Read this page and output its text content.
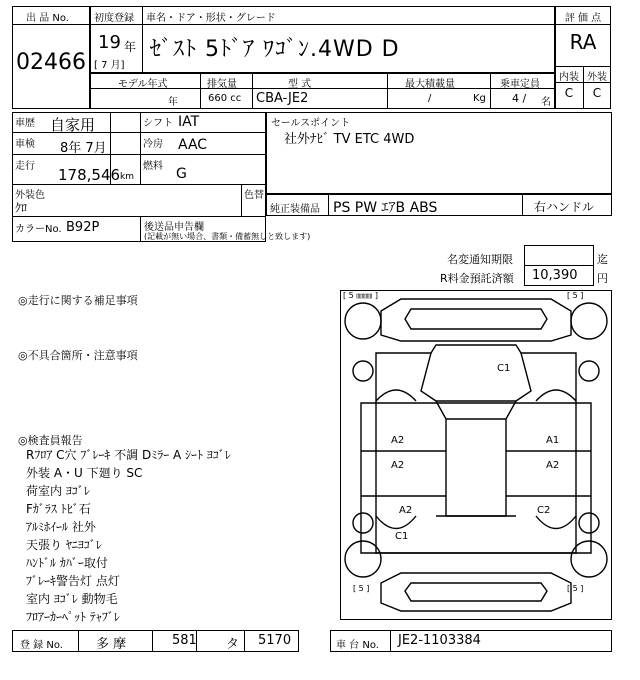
出 品 No.
02466
初度登録 車名・ドア・形状・グレード
19 年
[ 7 月]
ｾﾞｽﾄ 5ﾄﾞｱ ﾜｺﾞﾝ.4WD D
評 価 点
RA
内装 外装
C	C
モデル年式	排気量	型 式	最大積載量	乗車定員
年	660 cc CBA-JE2	/	Kg 4 / 名
車歴 自家用
車検 8年 7月
走行 178,546 km
シフト IAT
冷房 AAC
燃料 G
外装色
ｸﾛ
色替
カラーNo. B92P	後送品申告欄
(記載が無い場合、書類・備蓄無しと致します)
セールスポイント
社外ﾅﾋﾞ TV ETC 4WD
純正装備品 PS PW ｴｱB ABS	右ハンドル
名変通知期限	迄
R料金預託済額 10,390 円
◎走行に関する補足事項
◎不具合箇所・注意事項
◎検査員報告
Rﾌﾛｱ C穴 ﾌﾞﾚｰｷ 不調 Dﾐﾗｰ A ｼｰﾄ ﾖｺﾞﾚ
外装 A・U 下廻り SC
荷室内 ﾖｺﾞﾚ
Fｶﾞﾗｽ ﾄﾋﾞ石
ｱﾙﾐﾎｲｰﾙ 社外
天張り ﾔﾆﾖｺﾞﾚ
ﾊﾝﾄﾞﾙ ｶﾊﾞｰ取付
ﾌﾞﾚｰｷ警告灯 点灯
室内 ﾖｺﾞﾚ 動物毛
ﾌﾛｱｰｶｰﾍﾟｯﾄ ﾃｬﾌﾞﾚ
[ 5 ㎜㎜ ]	[ 5 ]
[ 5 ]	[ 5 ]
C1
A2
A2
A1
A2
A2
C1
C2
登 録 No.	多 摩	581 タ 5170	車 台 No. JE2-1103384
